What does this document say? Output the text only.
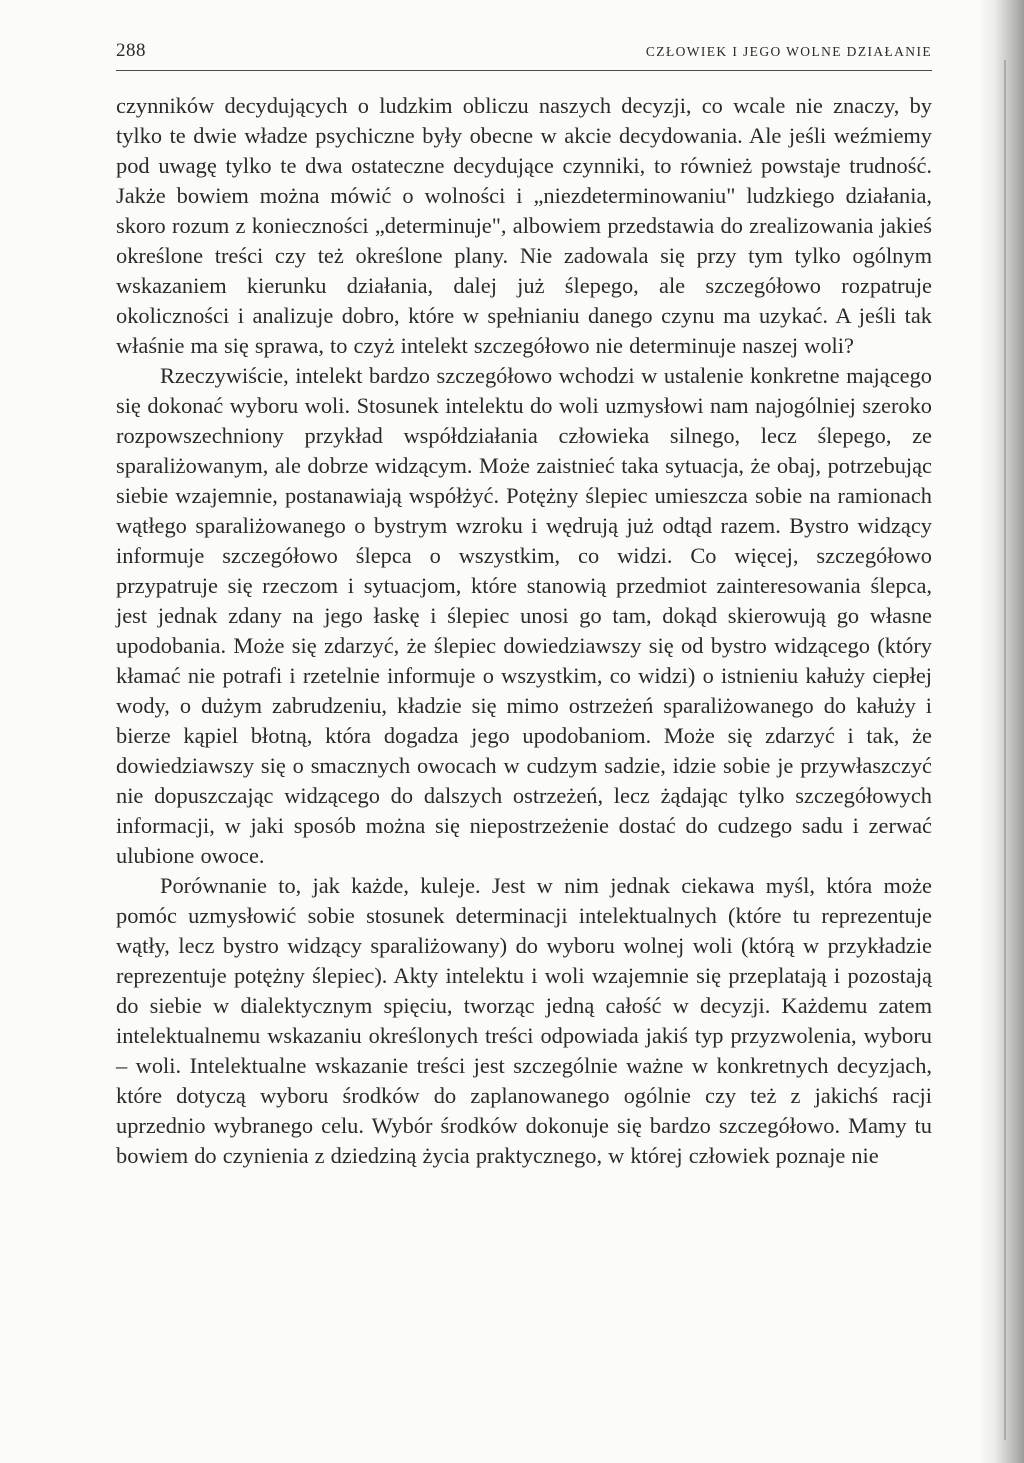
288	CZŁOWIEK I JEGO WOLNE DZIAŁANIE

czynników decydujących o ludzkim obliczu naszych decyzji, co wcale nie znaczy, by tylko te dwie władze psychiczne były obecne w akcie decydowania. Ale jeśli weźmiemy pod uwagę tylko te dwa ostateczne decydujące czynniki, to również powstaje trudność. Jakże bowiem można mówić o wolności i „niezdeterminowaniu" ludzkiego działania, skoro rozum z konieczności „determinuje", albowiem przedstawia do zrealizowania jakieś określone treści czy też określone plany. Nie zadowala się przy tym tylko ogólnym wskazaniem kierunku działania, dalej już ślepego, ale szczegółowo rozpatruje okoliczności i analizuje dobro, które w spełnianiu danego czynu ma uzykać. A jeśli tak właśnie ma się sprawa, to czyż intelekt szczegółowo nie determinuje naszej woli?

Rzeczywiście, intelekt bardzo szczegółowo wchodzi w ustalenie konkretne mającego się dokonać wyboru woli. Stosunek intelektu do woli uzmysłowi nam najogólniej szeroko rozpowszechniony przykład współdziałania człowieka silnego, lecz ślepego, ze sparaliżowanym, ale dobrze widzącym. Może zaistnieć taka sytuacja, że obaj, potrzebując siebie wzajemnie, postanawiają współżyć. Potężny ślepiec umieszcza sobie na ramionach wątłego sparaliżowanego o bystrym wzroku i wędrują już odtąd razem. Bystro widzący informuje szczegółowo ślepca o wszystkim, co widzi. Co więcej, szczegółowo przypatruje się rzeczom i sytuacjom, które stanowią przedmiot zainteresowania ślepca, jest jednak zdany na jego łaskę i ślepiec unosi go tam, dokąd skierowują go własne upodobania. Może się zdarzyć, że ślepiec dowiedziawszy się od bystro widzącego (który kłamać nie potrafi i rzetelnie informuje o wszystkim, co widzi) o istnieniu kałuży ciepłej wody, o dużym zabrudzeniu, kładzie się mimo ostrzeżeń sparaliżowanego do kałuży i bierze kąpiel błotną, która dogadza jego upodobaniom. Może się zdarzyć i tak, że dowiedziawszy się o smacznych owocach w cudzym sadzie, idzie sobie je przywłaszczyć nie dopuszczając widzącego do dalszych ostrzeżeń, lecz żądając tylko szczegółowych informacji, w jaki sposób można się niepostrzeżenie dostać do cudzego sadu i zerwać ulubione owoce.

Porównanie to, jak każde, kuleje. Jest w nim jednak ciekawa myśl, która może pomóc uzmysłowić sobie stosunek determinacji intelektualnych (które tu reprezentuje wątły, lecz bystro widzący sparaliżowany) do wyboru wolnej woli (którą w przykładzie reprezentuje potężny ślepiec). Akty intelektu i woli wzajemnie się przeplatają i pozostają do siebie w dialektycznym spięciu, tworząc jedną całość w decyzji. Każdemu zatem intelektualnemu wskazaniu określonych treści odpowiada jakiś typ przyzwolenia, wyboru – woli. Intelektualne wskazanie treści jest szczególnie ważne w konkretnych decyzjach, które dotyczą wyboru środków do zaplanowanego ogólnie czy też z jakichś racji uprzednio wybranego celu. Wybór środków dokonuje się bardzo szczegółowo. Mamy tu bowiem do czynienia z dziedziną życia praktycznego, w której człowiek poznaje nie
